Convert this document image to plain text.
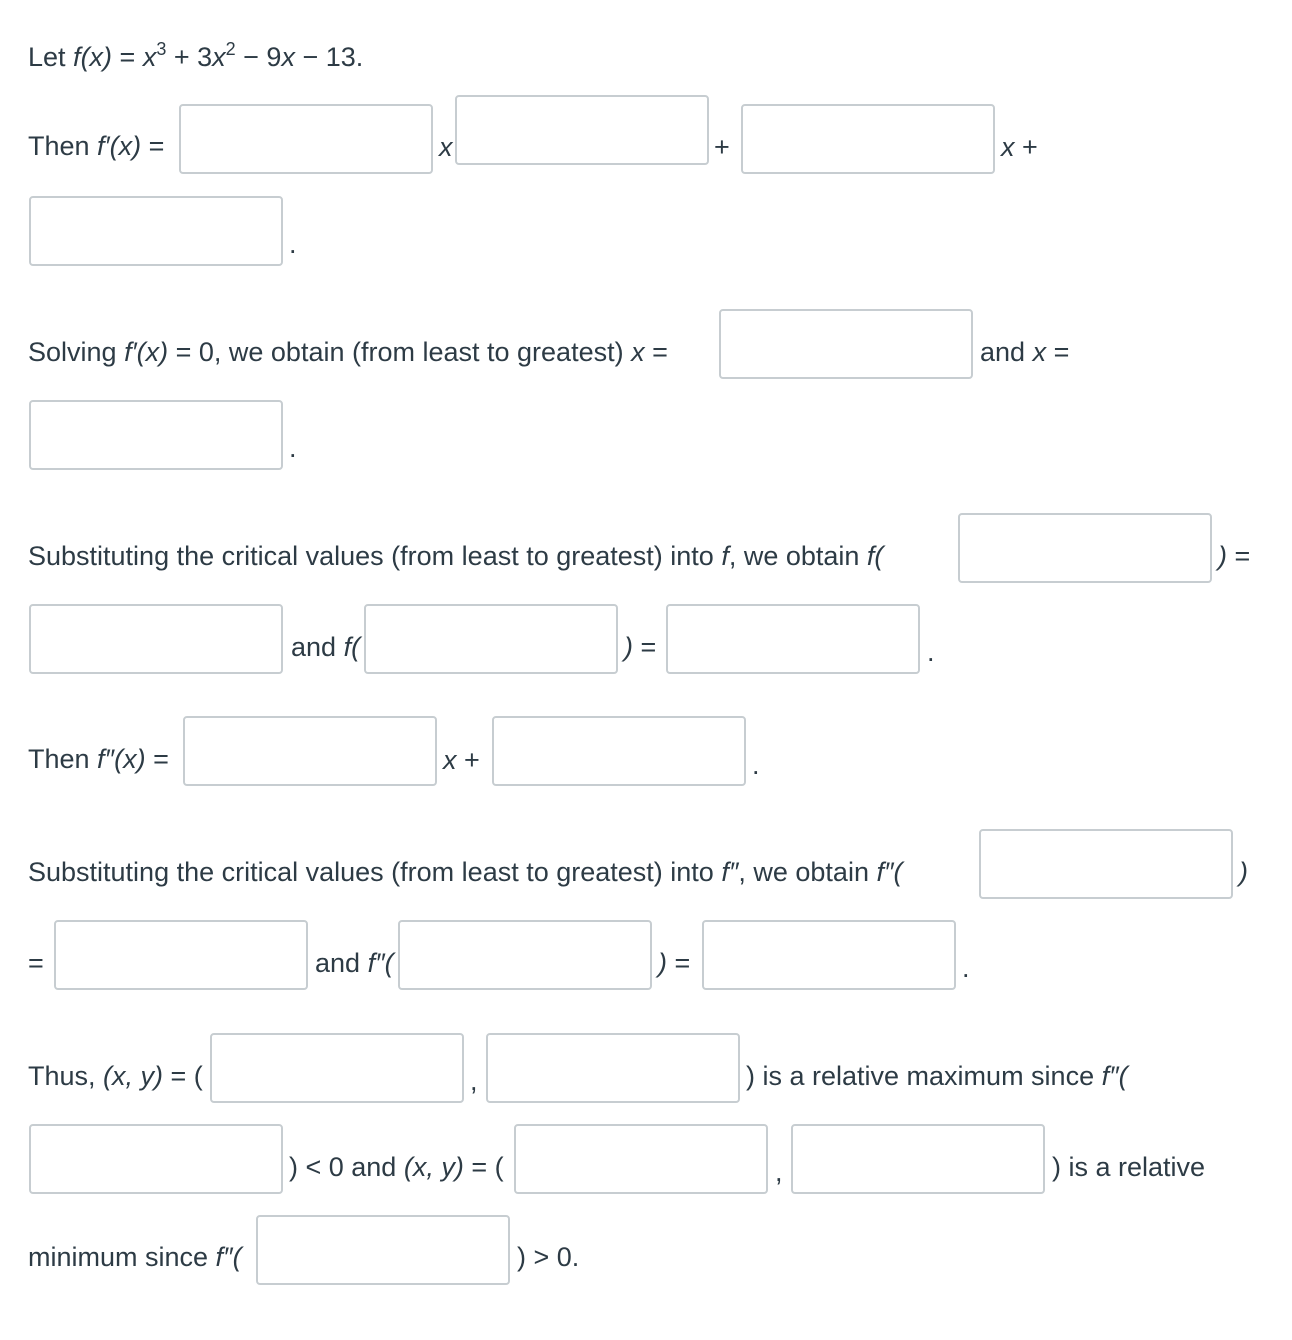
Let $f(x) = x^3 + 3x^2 - 9x - 13$.
Then f′(x) =	x	+	x +
.
Solving f′(x) = 0, we obtain (from least to greatest) x =	and x =
.
Substituting the critical values (from least to greatest) into f, we obtain f(	) =
and f(	) =	.
Then f″(x) =	x +	.
Substituting the critical values (from least to greatest) into f″, we obtain f″(	)
=	and f″(	) =	.
Thus, (x, y) = (	,	) is a relative maximum since f″(
) < 0 and (x, y) = (	,	) is a relative
minimum since f″(	) > 0.
